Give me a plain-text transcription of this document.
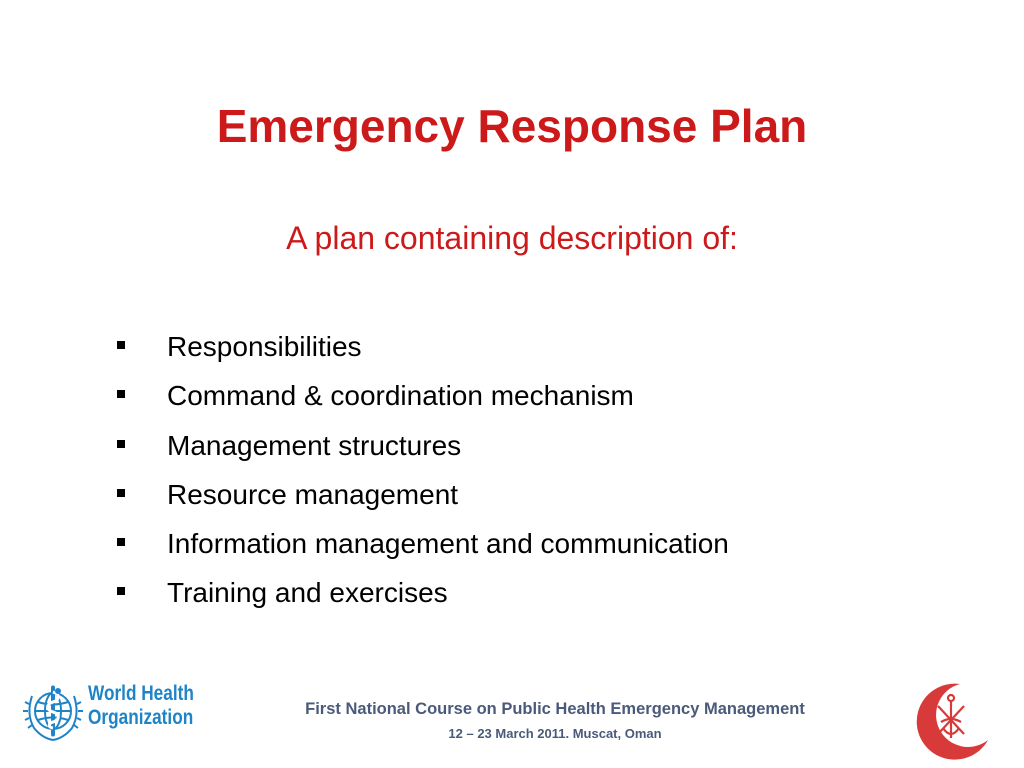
Emergency Response Plan
A plan containing description of:
Responsibilities
Command & coordination mechanism
Management structures
Resource management
Information management and communication
Training and exercises
World Health
Organization	First National Course on Public Health Emergency Management
12 – 23 March 2011. Muscat, Oman
